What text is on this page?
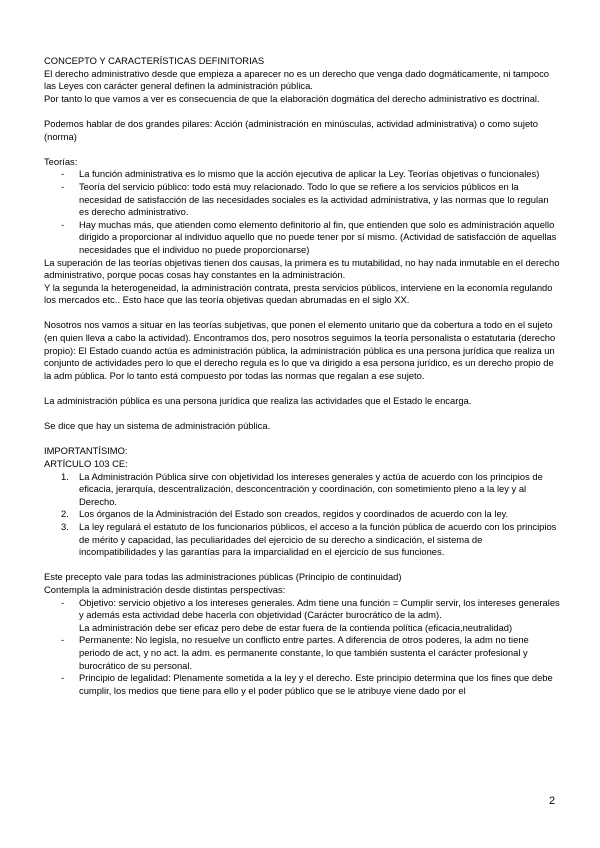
CONCEPTO Y CARACTERÍSTICAS DEFINITORIAS

El derecho administrativo desde que empieza a aparecer no es un derecho que venga dado dogmáticamente, ni tampoco las Leyes con carácter general definen la administración pública.

Por tanto lo que vamos a ver es consecuencia de que la elaboración dogmática del derecho administrativo es doctrinal.

Podemos hablar de dos grandes pilares: Acción (administración en minúsculas, actividad administrativa) o como sujeto (norma)

Teorías:

- La función administrativa es lo mismo que la acción ejecutiva de aplicar la Ley. Teorías objetivas o funcionales)
- Teoría del servicio público: todo está muy relacionado. Todo lo que se refiere a los servicios públicos en la necesidad de satisfacción de las necesidades sociales es la actividad administrativa, y las normas que lo regulan es derecho administrativo.
- Hay muchas más, que atienden como elemento definitorio al fin, que entienden que solo es administración aquello dirigido a proporcionar al individuo aquello que no puede tener por sí mismo. (Actividad de satisfacción de aquellas necesidades que el individuo no puede proporcionarse)

La superación de las teorías objetivas tienen dos causas, la primera es tu mutabilidad, no hay nada inmutable en el derecho administrativo, porque pocas cosas hay constantes en la administración.

Y la segunda la heterogeneidad, la administración contrata, presta servicios públicos, interviene en la economía regulando los mercados etc.. Esto hace que las teoría objetivas quedan abrumadas en el siglo XX.

Nosotros nos vamos a situar en las teorías subjetivas, que ponen el elemento unitario que da cobertura a todo en el sujeto (en quien lleva a cabo la actividad). Encontramos dos, pero nosotros seguimos la teoría personalista o estatutaria (derecho propio): El Estado cuando actúa es administración pública, la administración pública es una persona jurídica que realiza un conjunto de actividades pero lo que el derecho regula es lo que va dirigido a esa persona jurídico, es un derecho propio de la adm pública. Por lo tanto está compuesto por todas las normas que regalan a ese sujeto.

La administración pública es una persona jurídica que realiza las actividades que el Estado le encarga.

Se dice que hay un sistema de administración pública.

IMPORTANTÍSIMO:

ARTÍCULO 103 CE:

1. La Administración Pública sirve con objetividad los intereses generales y actúa de acuerdo con los principios de eficacia, jerarquía, descentralización, desconcentración y coordinación, con sometimiento pleno a la ley y al Derecho.
2. Los órganos de la Administración del Estado son creados, regidos y coordinados de acuerdo con la ley.
3. La ley regulará el estatuto de los funcionarios públicos, el acceso a la función pública de acuerdo con los principios de mérito y capacidad, las peculiaridades del ejercicio de su derecho a sindicación, el sistema de incompatibilidades y las garantías para la imparcialidad en el ejercicio de sus funciones.

Este precepto vale para todas las administraciones públicas (Principio de continuidad)

Contempla la administración desde distintas perspectivas:

- Objetivo: servicio objetivo a los intereses generales. Adm tiene una función = Cumplir servir, los intereses generales y además esta actividad debe hacerla con objetividad (Carácter burocrático de la adm).

La administración debe ser eficaz pero debe de estar fuera de la contienda política (eficacia,neutralidad)

- Permanente: No legisla, no resuelve un conflicto entre partes. A diferencia de otros poderes, la adm no tiene periodo de act, y no act. la adm. es permanente constante, lo que también sustenta el carácter profesional y burocrático de su personal.

- Principio de legalidad: Plenamente sometida a la ley y el derecho. Este principio determina que los fines que debe cumplir, los medios que tiene para ello y el poder público que se le atribuye viene dado por el

2
